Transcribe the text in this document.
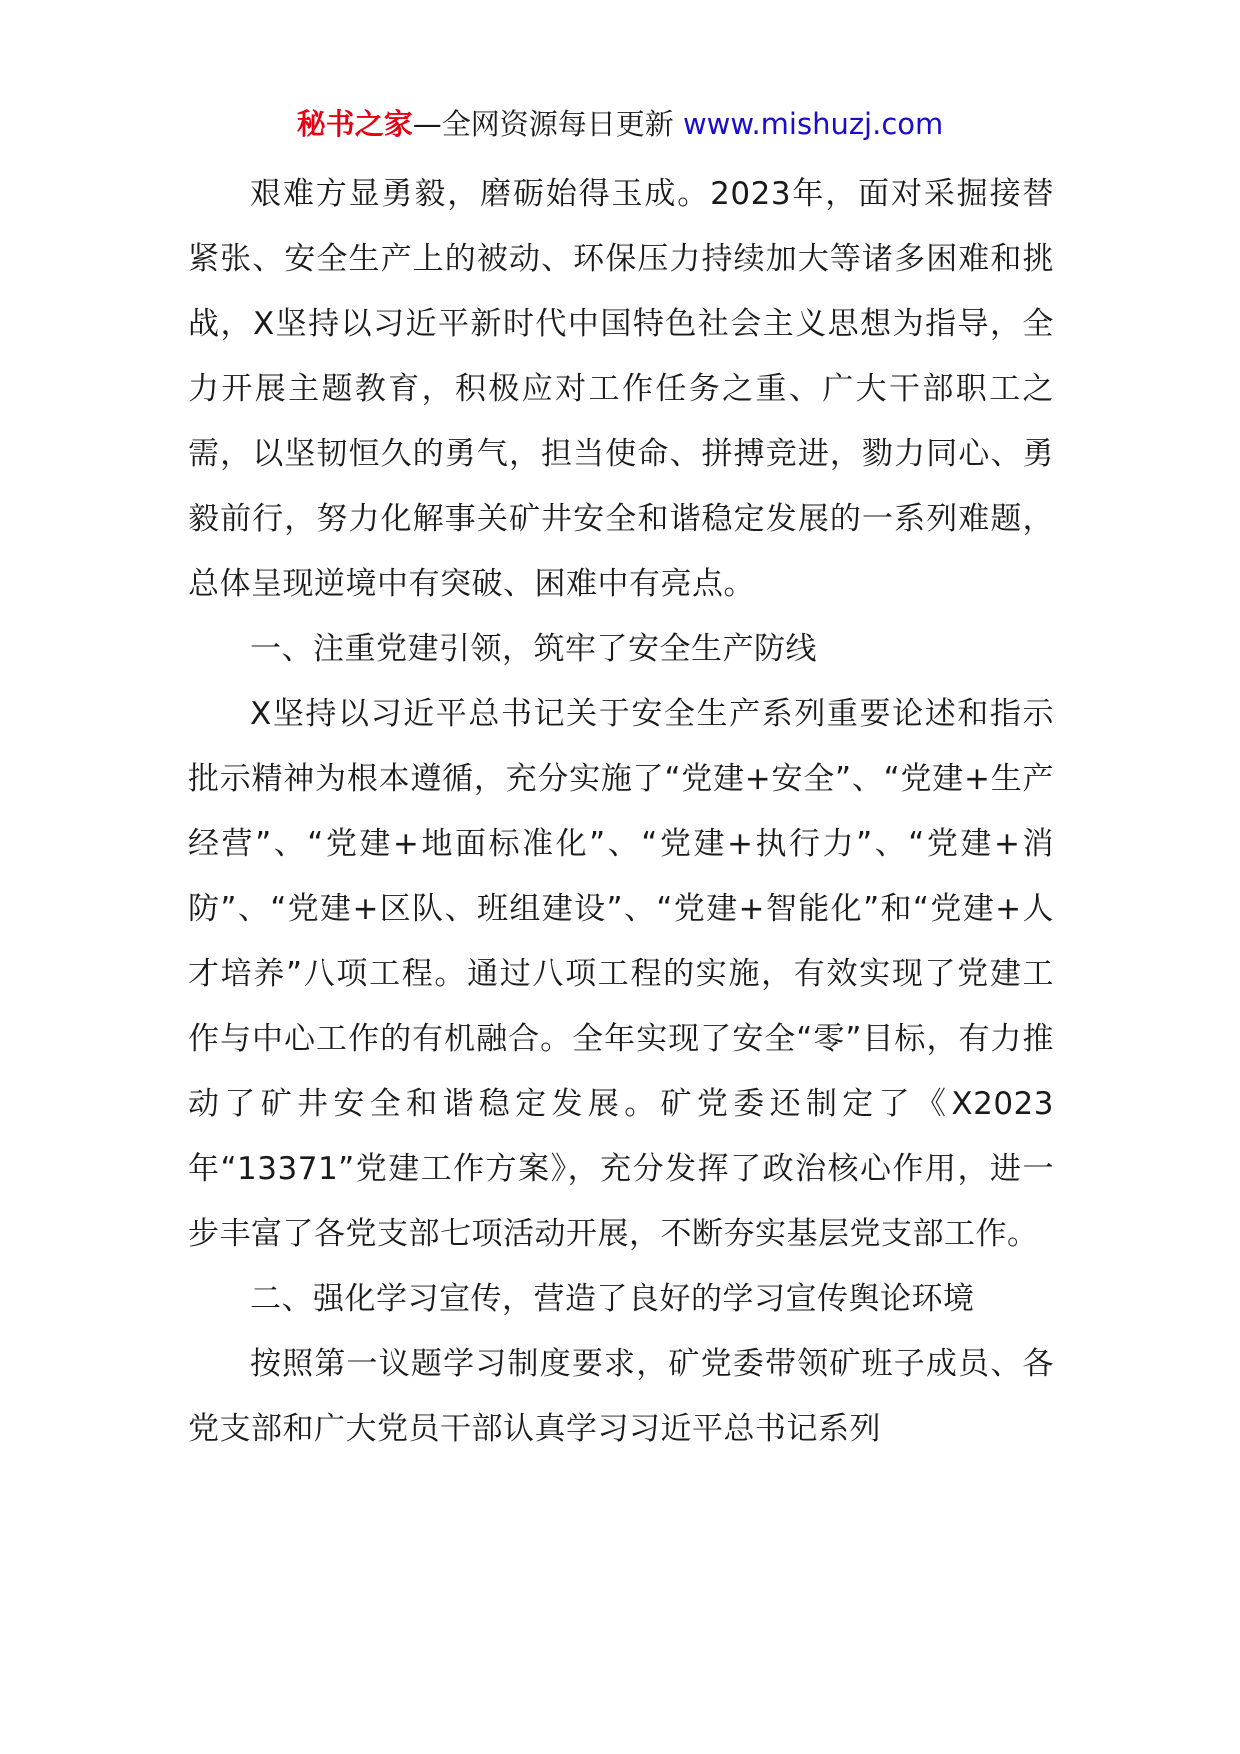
秘书之家—全网资源每日更新 www.mishuzj.com

艰难方显勇毅，磨砺始得玉成。2023年，面对采掘接替紧张、安全生产上的被动、环保压力持续加大等诸多困难和挑战，X坚持以习近平新时代中国特色社会主义思想为指导，全力开展主题教育，积极应对工作任务之重、广大干部职工之需，以坚韧恒久的勇气，担当使命、拼搏竞进，勠力同心、勇毅前行，努力化解事关矿井安全和谐稳定发展的一系列难题，总体呈现逆境中有突破、困难中有亮点。

一、注重党建引领，筑牢了安全生产防线

X坚持以习近平总书记关于安全生产系列重要论述和指示批示精神为根本遵循，充分实施了“党建+安全”、“党建+生产经营”、“党建+地面标准化”、“党建+执行力”、“党建+消防”、“党建+区队、班组建设”、“党建+智能化”和“党建+人才培养”八项工程。通过八项工程的实施，有效实现了党建工作与中心工作的有机融合。全年实现了安全“零”目标，有力推动了矿井安全和谐稳定发展。矿党委还制定了《X2023年“13371”党建工作方案》，充分发挥了政治核心作用，进一步丰富了各党支部七项活动开展，不断夯实基层党支部工作。

二、强化学习宣传，营造了良好的学习宣传舆论环境

按照第一议题学习制度要求，矿党委带领矿班子成员、各党支部和广大党员干部认真学习习近平总书记系列
